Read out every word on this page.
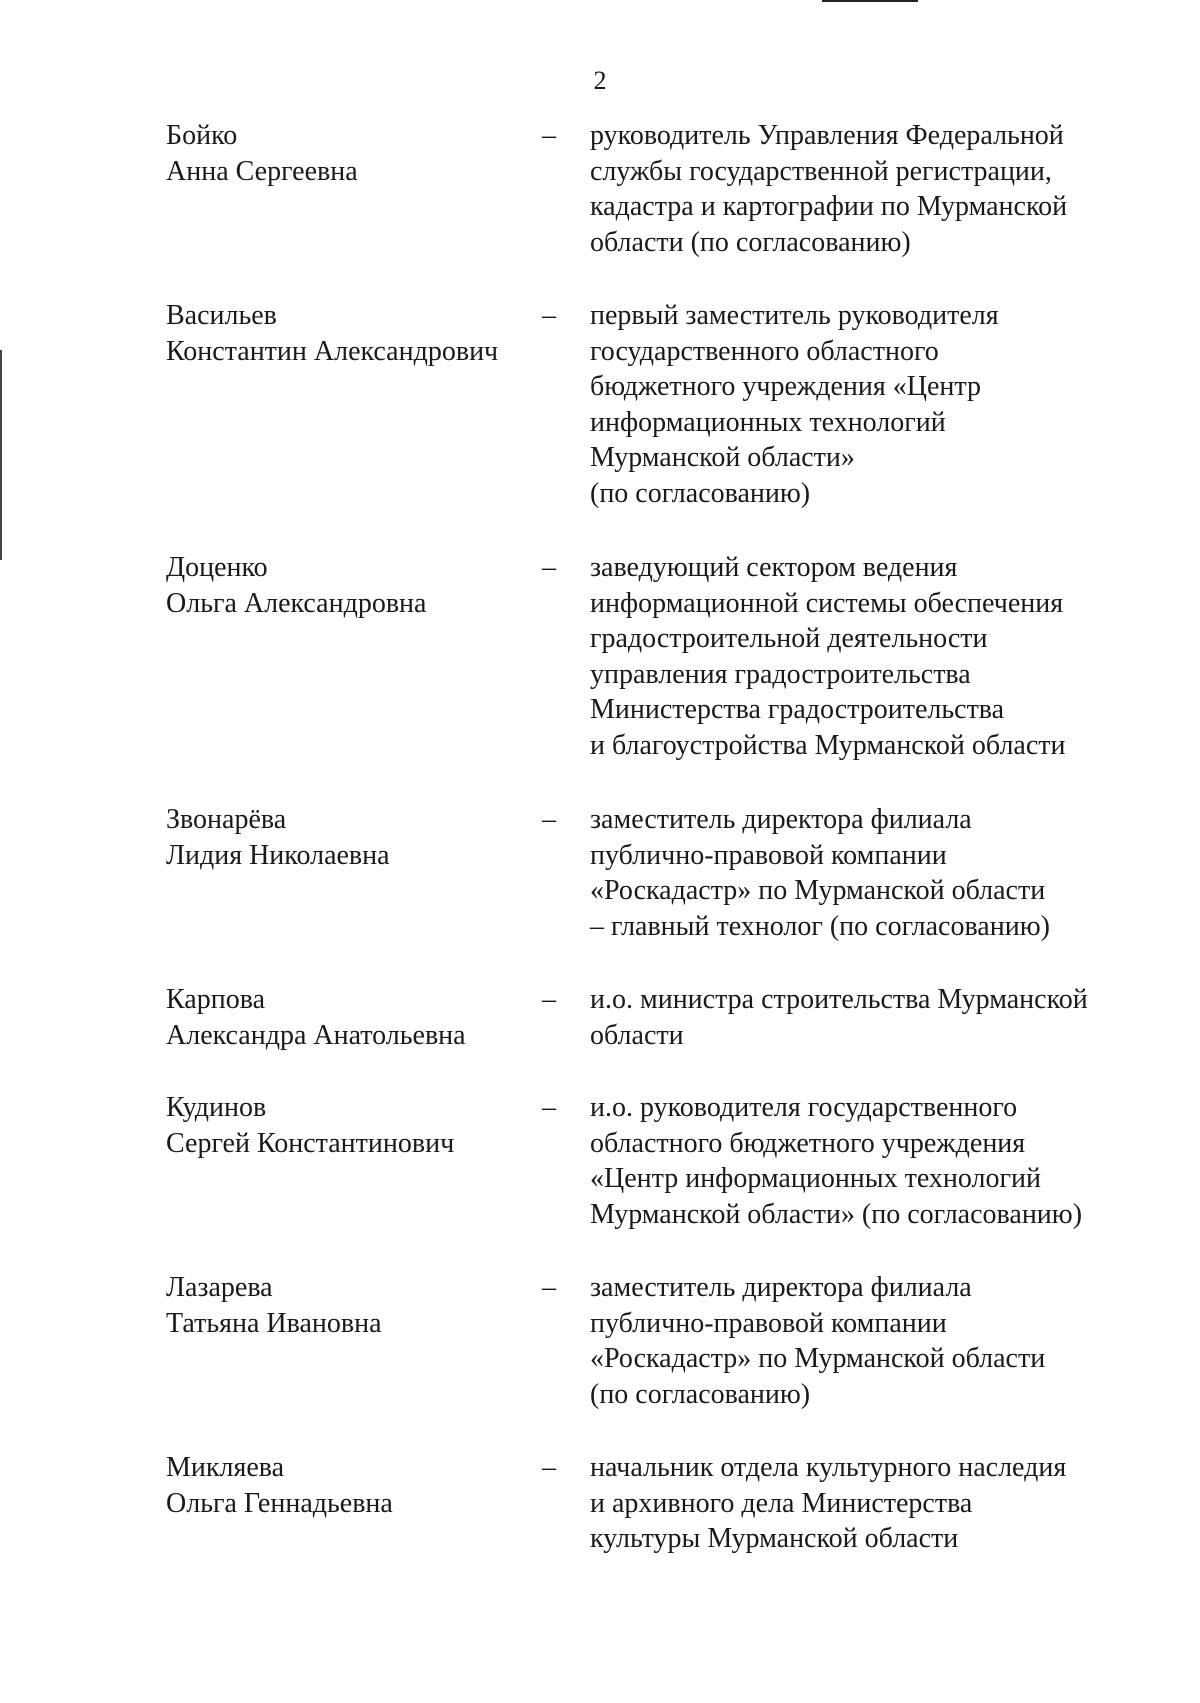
2
Бойко
Анна Сергеевна
– руководитель Управления Федеральной
службы государственной регистрации,
кадастра и картографии по Мурманской
области (по согласованию)
Васильев
Константин Александрович
– первый заместитель руководителя
государственного областного
бюджетного учреждения «Центр
информационных технологий
Мурманской области»
(по согласованию)
Доценко
Ольга Александровна
– заведующий сектором ведения
информационной системы обеспечения
градостроительной деятельности
управления градостроительства
Министерства градостроительства
и благоустройства Мурманской области
Звонарёва
Лидия Николаевна
– заместитель директора филиала
публично-правовой компании
«Роскадастр» по Мурманской области
– главный технолог (по согласованию)
Карпова
Александра Анатольевна
– и.о. министра строительства Мурманской
области
Кудинов
Сергей Константинович
– и.о. руководителя государственного
областного бюджетного учреждения
«Центр информационных технологий
Мурманской области» (по согласованию)
Лазарева
Татьяна Ивановна
– заместитель директора филиала
публично-правовой компании
«Роскадастр» по Мурманской области
(по согласованию)
Микляева
Ольга Геннадьевна
– начальник отдела культурного наследия
и архивного дела Министерства
культуры Мурманской области
